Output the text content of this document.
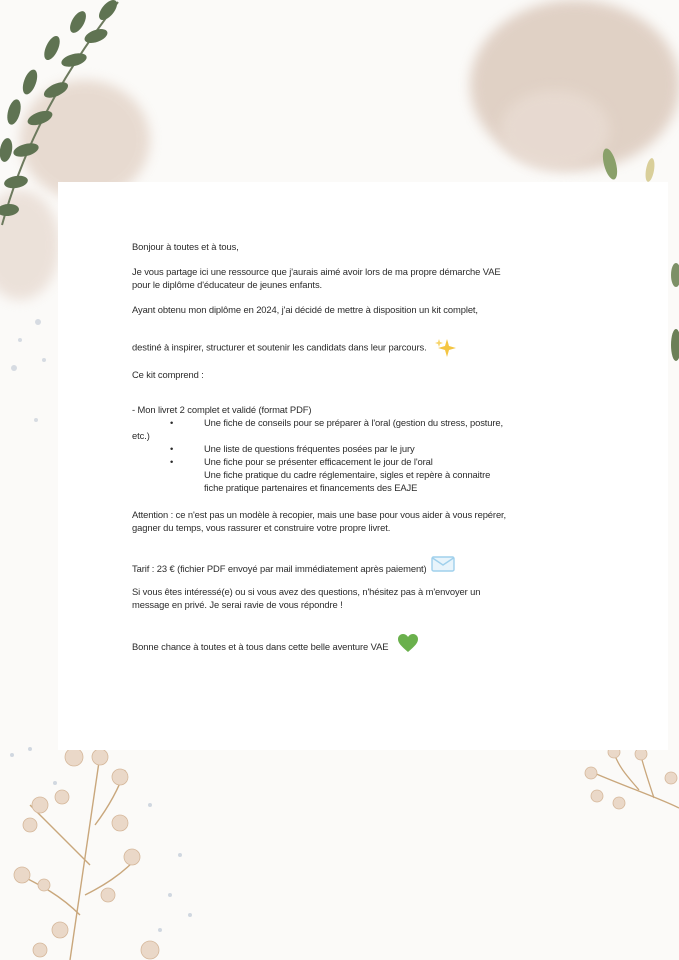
Bonjour à toutes et à tous,

Je vous partage ici une ressource que j'aurais aimé avoir lors de ma propre démarche VAE

pour le diplôme d'éducateur de jeunes enfants.

Ayant obtenu mon diplôme en 2024, j'ai décidé de mettre à disposition un kit complet,

destiné à inspirer, structurer et soutenir les candidats dans leur parcours.

Ce kit comprend :

- Mon livret 2 complet et validé (format PDF)

•	Une fiche de conseils pour se préparer à l'oral (gestion du stress, posture,

etc.)

•	Une liste de questions fréquentes posées par le jury

•	Une fiche pour se présenter efficacement le jour de l'oral

Une fiche pratique du cadre réglementaire, sigles et repère à connaitre

fiche pratique partenaires et financements des EAJE

Attention : ce n'est pas un modèle à recopier, mais une base pour vous aider à vous repérer,

gagner du temps, vous rassurer et construire votre propre livret.

Tarif : 23 € (fichier PDF envoyé par mail immédiatement après paiement)

Si vous êtes intéressé(e) ou si vous avez des questions, n'hésitez pas à m'envoyer un

message en privé. Je serai ravie de vous répondre !

Bonne chance à toutes et à tous dans cette belle aventure VAE
